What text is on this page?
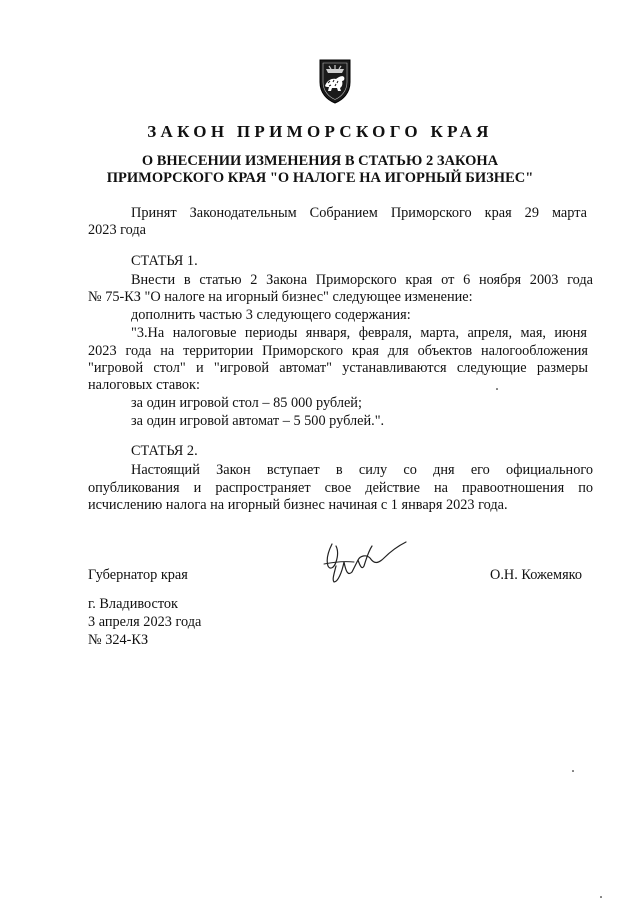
ЗАКОН ПРИМОРСКОГО КРАЯ
О ВНЕСЕНИИ ИЗМЕНЕНИЯ В СТАТЬЮ 2 ЗАКОНА
ПРИМОРСКОГО КРАЯ "О НАЛОГЕ НА ИГОРНЫЙ БИЗНЕС"
Принят Законодательным Собранием Приморского края 29 марта
2023 года
СТАТЬЯ 1.
Внести в статью 2 Закона Приморского края от 6 ноября 2003 года
№ 75-КЗ "О налоге на игорный бизнес" следующее изменение:
дополнить частью 3 следующего содержания:
"3.На налоговые периоды января, февраля, марта, апреля, мая, июня
2023 года на территории Приморского края для объектов налогообложения
"игровой стол" и "игровой автомат" устанавливаются следующие размеры
налоговых ставок:
за один игровой стол – 85 000 рублей;
за один игровой автомат – 5 500 рублей.".
СТАТЬЯ 2.
Настоящий Закон вступает в силу со дня его официального
опубликования и распространяет свое действие на правоотношения по
исчислению налога на игорный бизнес начиная с 1 января 2023 года.
Губернатор края	О.Н. Кожемяко
г. Владивосток
3 апреля 2023 года
№ 324-КЗ
